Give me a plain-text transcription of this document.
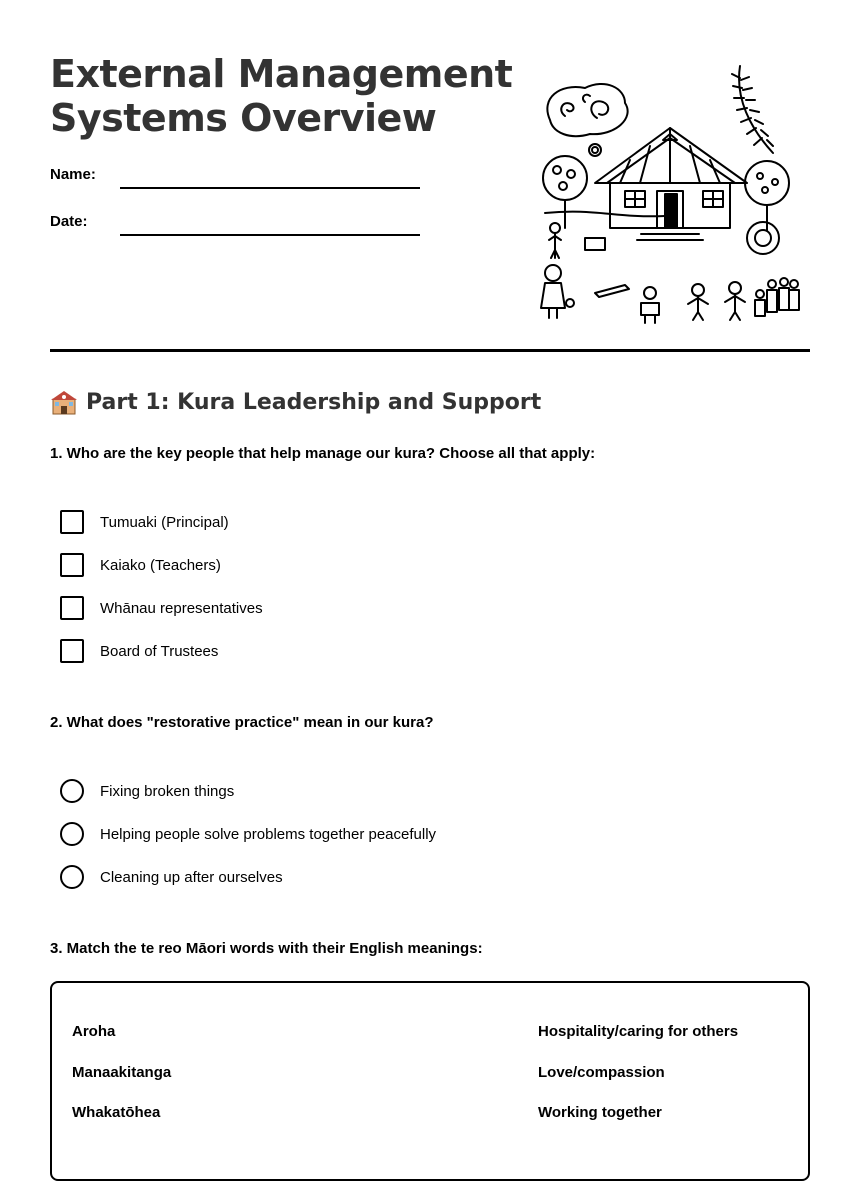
External Management
Systems Overview
Name:
Date:
Part 1: Kura Leadership and Support
1. Who are the key people that help manage our kura? Choose all that apply:
Tumuaki (Principal)
Kaiako (Teachers)
Whānau representatives
Board of Trustees
2. What does "restorative practice" mean in our kura?
Fixing broken things
Helping people solve problems together peacefully
Cleaning up after ourselves
3. Match the te reo Māori words with their English meanings:
Aroha
Manaakitanga
Whakatōhea
Hospitality/caring for others
Love/compassion
Working together
